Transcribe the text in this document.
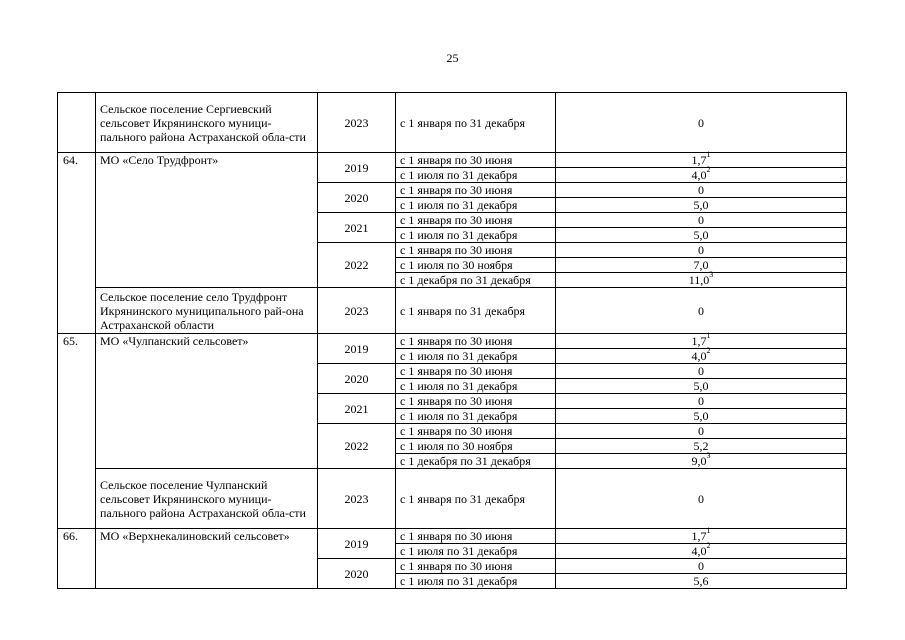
25

	Сельское поселение Сергиевский сельсовет Икрянинского муници-пального района Астраханской обла-сти	2023	с 1 января по 31 декабря	0
64.	МО «Село Трудфронт»	2019	с 1 января по 30 июня	$1,7^1$
			с 1 июля по 31 декабря	$4,0^2$
		2020	с 1 января по 30 июня	0
			с 1 июля по 31 декабря	5,0
		2021	с 1 января по 30 июня	0
			с 1 июля по 31 декабря	5,0
		2022	с 1 января по 30 июня	0
			с 1 июля по 30 ноября	7,0
			с 1 декабря по 31 декабря	11,0$^3$

	Сельское поселение село Трудфронт Икрянинского муниципального рай-она Астраханской области	2023	с 1 января по 31 декабря	0
65.	МО «Чулпанский сельсовет»	2019	с 1 января по 30 июня	$1,7^1$
			с 1 июля по 31 декабря	$4,0^2$
		2020	с 1 января по 30 июня	0
			с 1 июля по 31 декабря	5,0
		2021	с 1 января по 30 июня	0
			с 1 июля по 31 декабря	5,0
		2022	с 1 января по 30 июня	0
			с 1 июля по 30 ноября	5,2
			с 1 декабря по 31 декабря	$9,0^3$

	Сельское поселение Чулпанский сельсовет Икрянинского муници-пального района Астраханской обла-сти	2023	с 1 января по 31 декабря	0
66.	МО «Верхнекалиновский сельсовет»	2019	с 1 января по 30 июня	$1,7^1$
			с 1 июля по 31 декабря	$4,0^2$
		2020	с 1 января по 30 июня	0
			с 1 июля по 31 декабря	5,6
